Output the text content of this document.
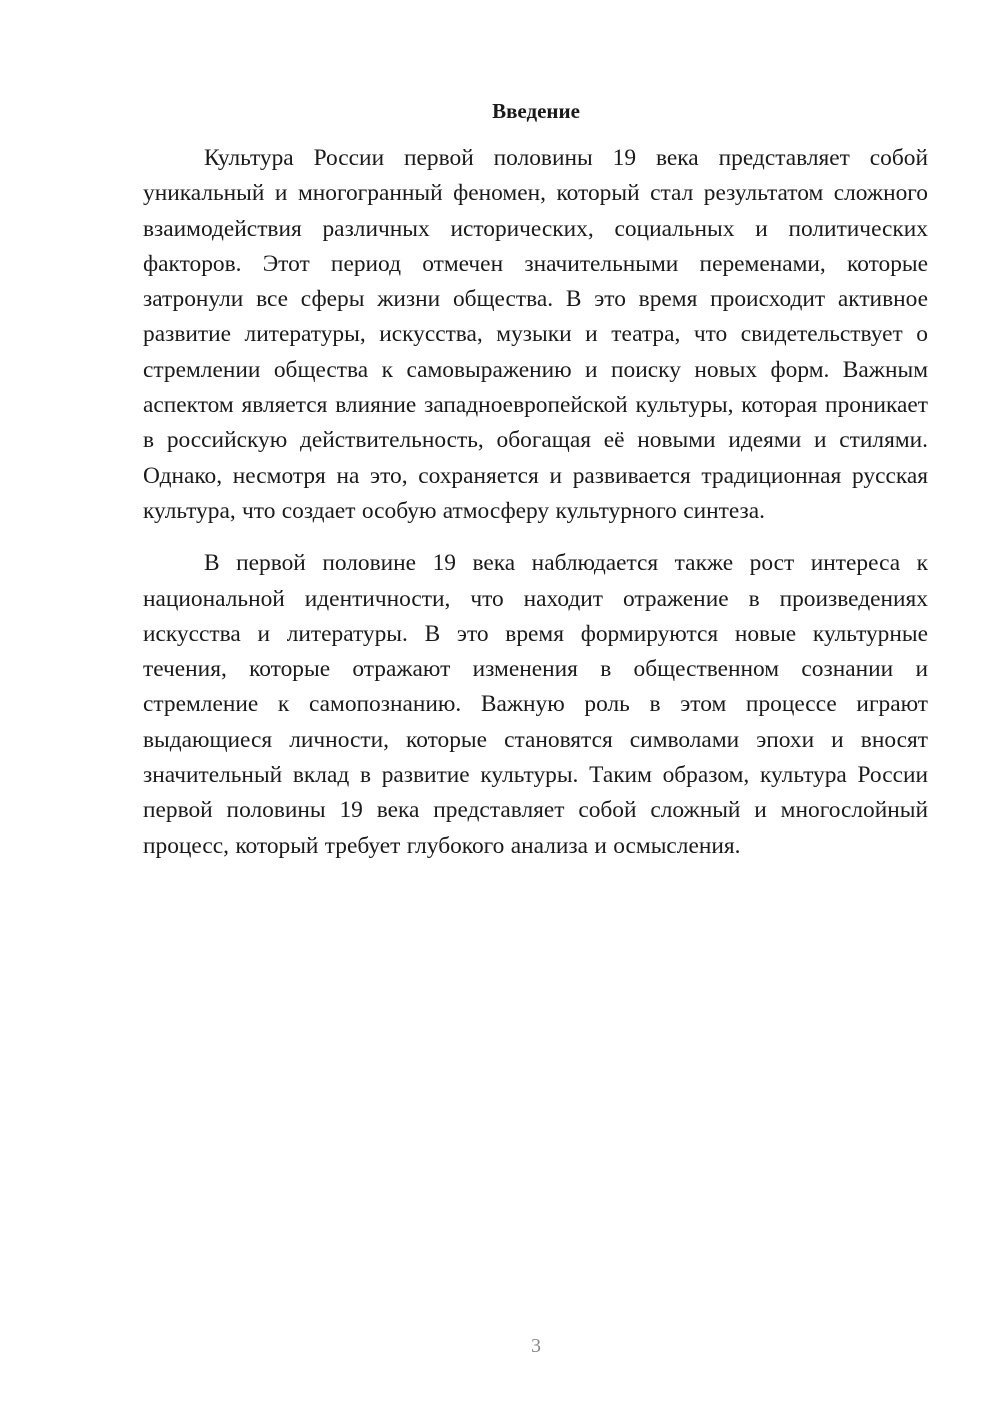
Введение

Культура России первой половины 19 века представляет собой уникальный и многогранный феномен, который стал результатом сложного взаимодействия различных исторических, социальных и политических факторов. Этот период отмечен значительными переменами, которые затронули все сферы жизни общества. В это время происходит активное развитие литературы, искусства, музыки и театра, что свидетельствует о стремлении общества к самовыражению и поиску новых форм. Важным аспектом является влияние западноевропейской культуры, которая проникает в российскую действительность, обогащая её новыми идеями и стилями. Однако, несмотря на это, сохраняется и развивается традиционная русская культура, что создает особую атмосферу культурного синтеза.

В первой половине 19 века наблюдается также рост интереса к национальной идентичности, что находит отражение в произведениях искусства и литературы. В это время формируются новые культурные течения, которые отражают изменения в общественном сознании и стремление к самопознанию. Важную роль в этом процессе играют выдающиеся личности, которые становятся символами эпохи и вносят значительный вклад в развитие культуры. Таким образом, культура России первой половины 19 века представляет собой сложный и многослойный процесс, который требует глубокого анализа и осмысления.

3
